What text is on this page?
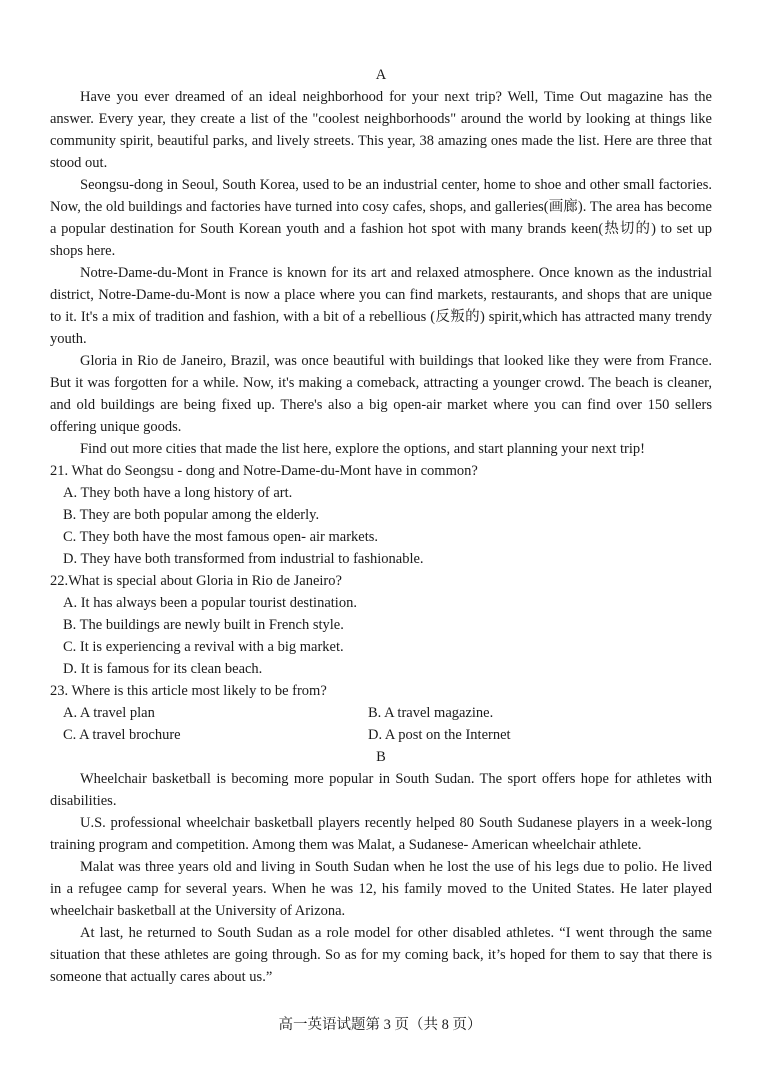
A

Have you ever dreamed of an ideal neighborhood for your next trip? Well, Time Out magazine has the answer. Every year, they create a list of the "coolest neighborhoods" around the world by looking at things like community spirit, beautiful parks, and lively streets. This year, 38 amazing ones made the list. Here are three that stood out.

Seongsu-dong in Seoul, South Korea, used to be an industrial center, home to shoe and other small factories. Now, the old buildings and factories have turned into cosy cafes, shops, and galleries(画廊). The area has become a popular destination for South Korean youth and a fashion hot spot with many brands keen(热切的) to set up shops here.

Notre-Dame-du-Mont in France is known for its art and relaxed atmosphere. Once known as the industrial district, Notre-Dame-du-Mont is now a place where you can find markets, restaurants, and shops that are unique to it. It's a mix of tradition and fashion, with a bit of a rebellious (反叛的) spirit,which has attracted many trendy youth.

Gloria in Rio de Janeiro, Brazil, was once beautiful with buildings that looked like they were from France. But it was forgotten for a while. Now, it's making a comeback, attracting a younger crowd. The beach is cleaner, and old buildings are being fixed up. There's also a big open-air market where you can find over 150 sellers offering unique goods.

Find out more cities that made the list here, explore the options, and start planning your next trip!

21. What do Seongsu - dong and Notre-Dame-du-Mont have in common?

A. They both have a long history of art.

B. They are both popular among the elderly.

C. They both have the most famous open- air markets.

D. They have both transformed from industrial to fashionable.

22.What is special about Gloria in Rio de Janeiro?

A. It has always been a popular tourist destination.

B. The buildings are newly built in French style.

C. It is experiencing a revival with a big market.

D. It is famous for its clean beach.

23. Where is this article most likely to be from?

A. A travel plan	B. A travel magazine.
C. A travel brochure	D. A post on the Internet
B

Wheelchair basketball is becoming more popular in South Sudan. The sport offers hope for athletes with disabilities.

U.S. professional wheelchair basketball players recently helped 80 South Sudanese players in a week-long training program and competition. Among them was Malat, a Sudanese- American wheelchair athlete.

Malat was three years old and living in South Sudan when he lost the use of his legs due to polio. He lived in a refugee camp for several years. When he was 12, his family moved to the United States. He later played wheelchair basketball at the University of Arizona.

At last, he returned to South Sudan as a role model for other disabled athletes. “I went through the same situation that these athletes are going through. So as for my coming back, it’s hoped for them to say that there is someone that actually cares about us.”

高一英语试题第 3 页（共 8 页）
